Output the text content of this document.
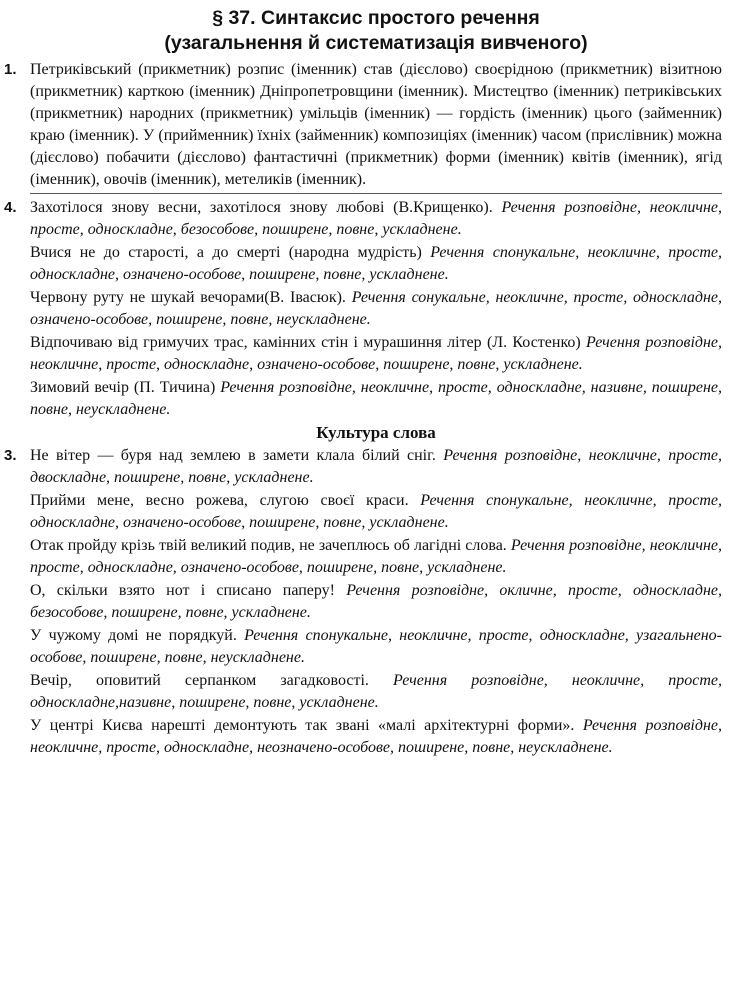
§ 37. Синтаксис простого речення
(узагальнення й систематизація вивченого)
1. Петриківський (прикметник) розпис (іменник) став (дієслово) своєрідною (прикметник) візитною (прикметник) карткою (іменник) Дніпропетровщини (іменник). Мистецтво (іменник) петриківських (прикметник) народних (прикметник) умільців (іменник) — гордість (іменник) цього (займенник) краю (іменник). У (прийменник) їхніх (займенник) композиціях (іменник) часом (прислівник) можна (дієслово) побачити (дієслово) фантастичні (прикметник) форми (іменник) квітів (іменник), ягід (іменник), овочів (іменник), метеликів (іменник).

4. Захотілося знову весни, захотілося знову любові (В.Крищенко). Речення розповідне, неокличне, просте, односкладне, безособове, поширене, повне, ускладнене.

Вчися не до старості, а до смерті (народна мудрість) Речення спонукальне, неокличне, просте, односкладне, означено-особове, поширене, повне, ускладнене.

Червону руту не шукай вечорами(В. Івасюк). Речення сонукальне, неокличне, просте, односкладне, означено-особове, поширене, повне, неускладнене.

Відпочиваю від гримучих трас, камінних стін і мурашиння літер (Л. Костенко) Речення розповідне, неокличне, просте, односкладне, означено-особове, поширене, повне, ускладнене.

Зимовий вечір (П. Тичина) Речення розповідне, неокличне, просте, односкладне, називне, поширене, повне, неускладнене.

Культура слова
3. Не вітер — буря над землею в замети клала білий сніг. Речення розповідне, неокличне, просте, двоскладне, поширене, повне, ускладнене.

Прийми мене, весно рожева, слугою своєї краси. Речення спонукальне, неокличне, просте, односкладне, означено-особове, поширене, повне, ускладнене.

Отак пройду крізь твій великий подив, не зачеплюсь об лагідні слова. Речення розповідне, неокличне, просте, односкладне, означено-особове, поширене, повне, ускладнене.

О, скільки взято нот і списано паперу! Речення розповідне, окличне, просте, односкладне, безособове, поширене, повне, ускладнене.

У чужому домі не порядкуй. Речення спонукальне, неокличне, просте, односкладне, узагальнено-особове, поширене, повне, неускладнене.

Вечір, оповитий серпанком загадковості. Речення розповідне, неокличне, просте, односкладне,називне, поширене, повне, ускладнене.

У центрі Києва нарешті демонтують так звані «малі архітектурні форми». Речення розповідне, неокличне, просте, односкладне, неозначено-особове, поширене, повне, неускладнене.
